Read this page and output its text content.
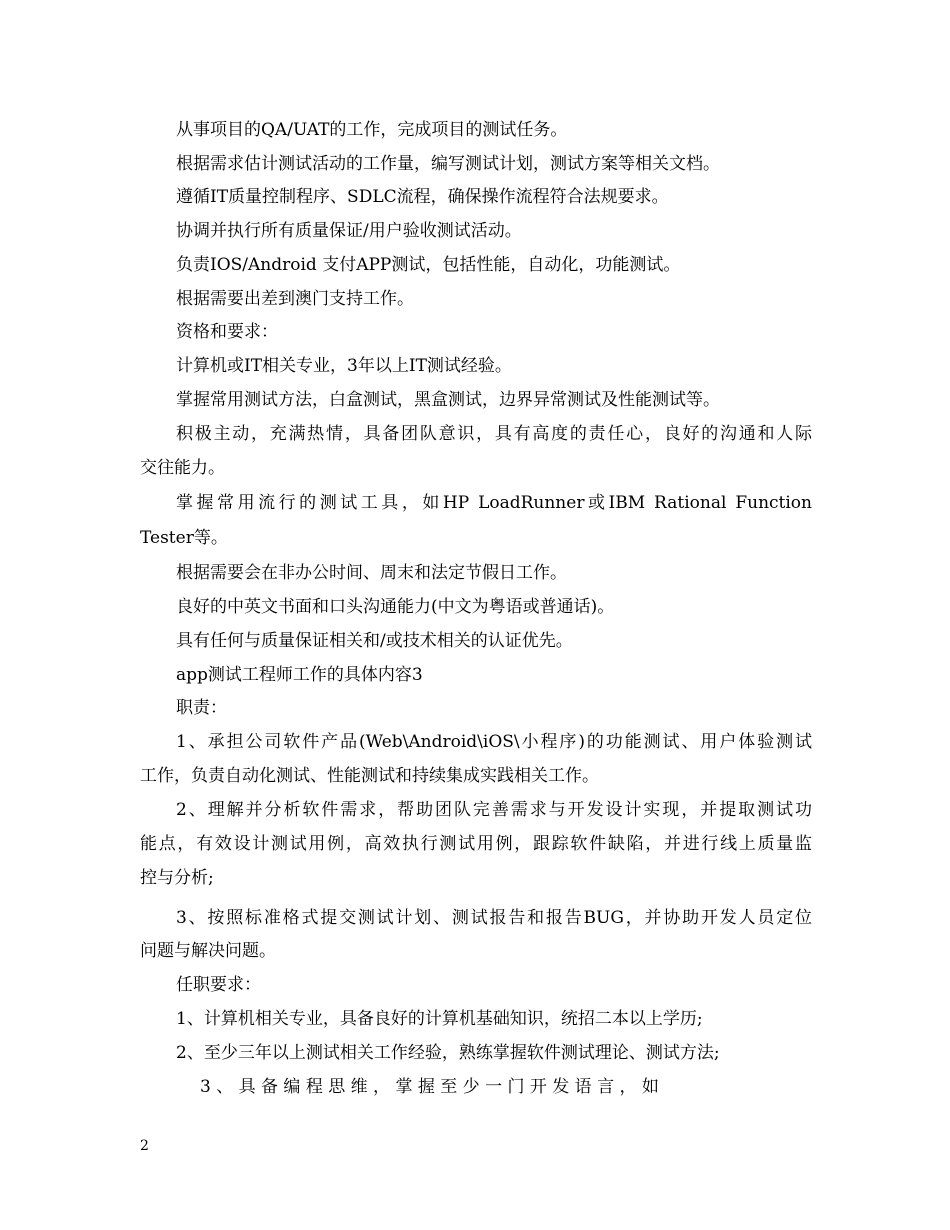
从事项目的QA/UAT的工作，完成项目的测试任务。
根据需求估计测试活动的工作量，编写测试计划，测试方案等相关文档。
遵循IT质量控制程序、SDLC流程，确保操作流程符合法规要求。
协调并执行所有质量保证/用户验收测试活动。
负责IOS/Android 支付APP测试，包括性能，自动化，功能测试。
根据需要出差到澳门支持工作。
资格和要求：
计算机或IT相关专业，3年以上IT测试经验。
掌握常用测试方法，白盒测试，黑盒测试，边界异常测试及性能测试等。
积极主动，充满热情，具备团队意识，具有高度的责任心，良好的沟通和人际
交往能力。
掌握常用流行的测试工具，如HP LoadRunner或IBM Rational Function
Tester等。
根据需要会在非办公时间、周末和法定节假日工作。
良好的中英文书面和口头沟通能力(中文为粤语或普通话)。
具有任何与质量保证相关和/或技术相关的认证优先。
app测试工程师工作的具体内容3
职责：
1、承担公司软件产品(Web\Android\iOS\小程序)的功能测试、用户体验测试
工作，负责自动化测试、性能测试和持续集成实践相关工作。
2、理解并分析软件需求，帮助团队完善需求与开发设计实现，并提取测试功
能点，有效设计测试用例，高效执行测试用例，跟踪软件缺陷，并进行线上质量监
控与分析;
3、按照标准格式提交测试计划、测试报告和报告BUG，并协助开发人员定位
问题与解决问题。
任职要求：
1、计算机相关专业，具备良好的计算机基础知识，统招二本以上学历;
2、至少三年以上测试相关工作经验，熟练掌握软件测试理论、测试方法;
3 、 具 备 编 程 思 维 ， 掌 握 至 少 一 门 开 发 语 言 ， 如
2
